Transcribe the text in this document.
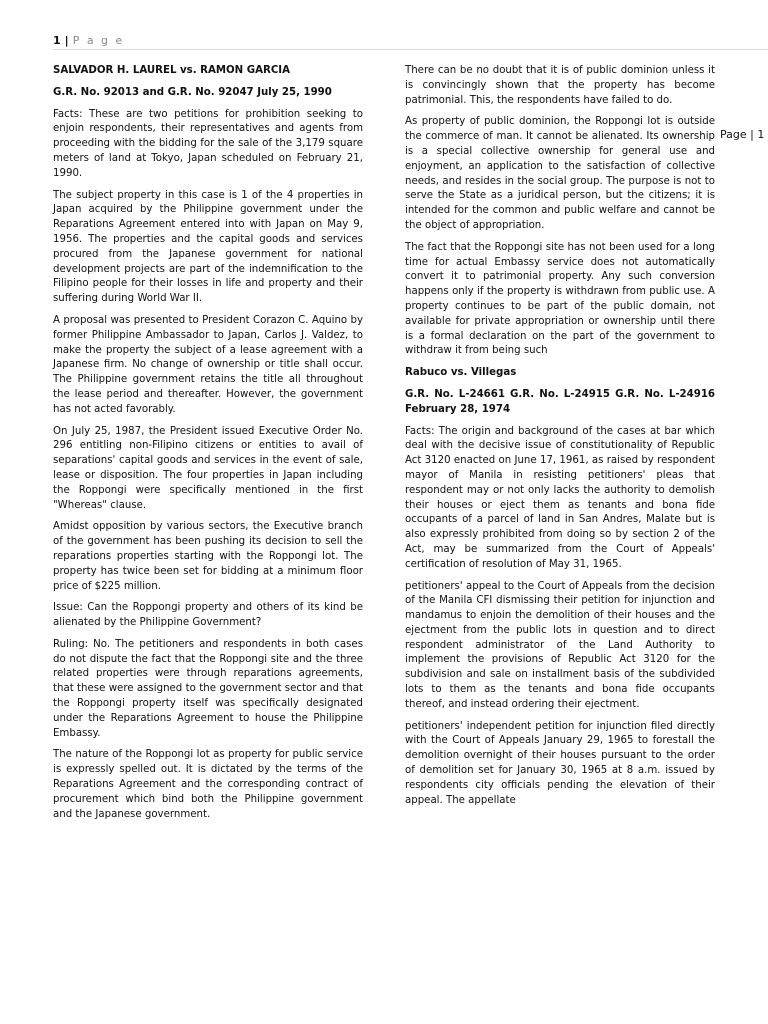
1 | P a g e

SALVADOR H. LAUREL vs. RAMON GARCIA

G.R. No. 92013 and G.R. No. 92047 July 25, 1990

Facts: These are two petitions for prohibition seeking to enjoin respondents, their representatives and agents from proceeding with the bidding for the sale of the 3,179 square meters of land at Tokyo, Japan scheduled on February 21, 1990.

The subject property in this case is 1 of the 4 properties in Japan acquired by the Philippine government under the Reparations Agreement entered into with Japan on May 9, 1956. The properties and the capital goods and services procured from the Japanese government for national development projects are part of the indemnification to the Filipino people for their losses in life and property and their suffering during World War II.

A proposal was presented to President Corazon C. Aquino by former Philippine Ambassador to Japan, Carlos J. Valdez, to make the property the subject of a lease agreement with a Japanese firm. No change of ownership or title shall occur. The Philippine government retains the title all throughout the lease period and thereafter. However, the government has not acted favorably.

On July 25, 1987, the President issued Executive Order No. 296 entitling non-Filipino citizens or entities to avail of separations' capital goods and services in the event of sale, lease or disposition. The four properties in Japan including the Roppongi were specifically mentioned in the first "Whereas" clause.

Amidst opposition by various sectors, the Executive branch of the government has been pushing its decision to sell the reparations properties starting with the Roppongi lot. The property has twice been set for bidding at a minimum floor price of $225 million.

Issue: Can the Roppongi property and others of its kind be alienated by the Philippine Government?

Ruling: No. The petitioners and respondents in both cases do not dispute the fact that the Roppongi site and the three related properties were through reparations agreements, that these were assigned to the government sector and that the Roppongi property itself was specifically designated under the Reparations Agreement to house the Philippine Embassy.

The nature of the Roppongi lot as property for public service is expressly spelled out. It is dictated by the terms of the Reparations Agreement and the corresponding contract of procurement which bind both the Philippine government and the Japanese government.

There can be no doubt that it is of public dominion unless it is convincingly shown that the property has become patrimonial. This, the respondents have failed to do.

As property of public dominion, the Roppongi lot is outside the commerce of man. It cannot be alienated. Its ownership is a special collective ownership for general use and enjoyment, an application to the satisfaction of collective needs, and resides in the social group. The purpose is not to serve the State as a juridical person, but the citizens; it is intended for the common and public welfare and cannot be the object of appropriation.

The fact that the Roppongi site has not been used for a long time for actual Embassy service does not automatically convert it to patrimonial property. Any such conversion happens only if the property is withdrawn from public use. A property continues to be part of the public domain, not available for private appropriation or ownership until there is a formal declaration on the part of the government to withdraw it from being such

Rabuco vs. Villegas

G.R. No. L-24661 G.R. No. L-24915 G.R. No. L-24916 February 28, 1974

Facts: The origin and background of the cases at bar which deal with the decisive issue of constitutionality of Republic Act 3120 enacted on June 17, 1961, as raised by respondent mayor of Manila in resisting petitioners' pleas that respondent may or not only lacks the authority to demolish their houses or eject them as tenants and bona fide occupants of a parcel of land in San Andres, Malate but is also expressly prohibited from doing so by section 2 of the Act, may be summarized from the Court of Appeals' certification of resolution of May 31, 1965.

petitioners' appeal to the Court of Appeals from the decision of the Manila CFI dismissing their petition for injunction and mandamus to enjoin the demolition of their houses and the ejectment from the public lots in question and to direct respondent administrator of the Land Authority to implement the provisions of Republic Act 3120 for the subdivision and sale on installment basis of the subdivided lots to them as the tenants and bona fide occupants thereof, and instead ordering their ejectment.

petitioners' independent petition for injunction filed directly with the Court of Appeals January 29, 1965 to forestall the demolition overnight of their houses pursuant to the order of demolition set for January 30, 1965 at 8 a.m. issued by respondents city officials pending the elevation of their appeal. The appellate

Page | 1
